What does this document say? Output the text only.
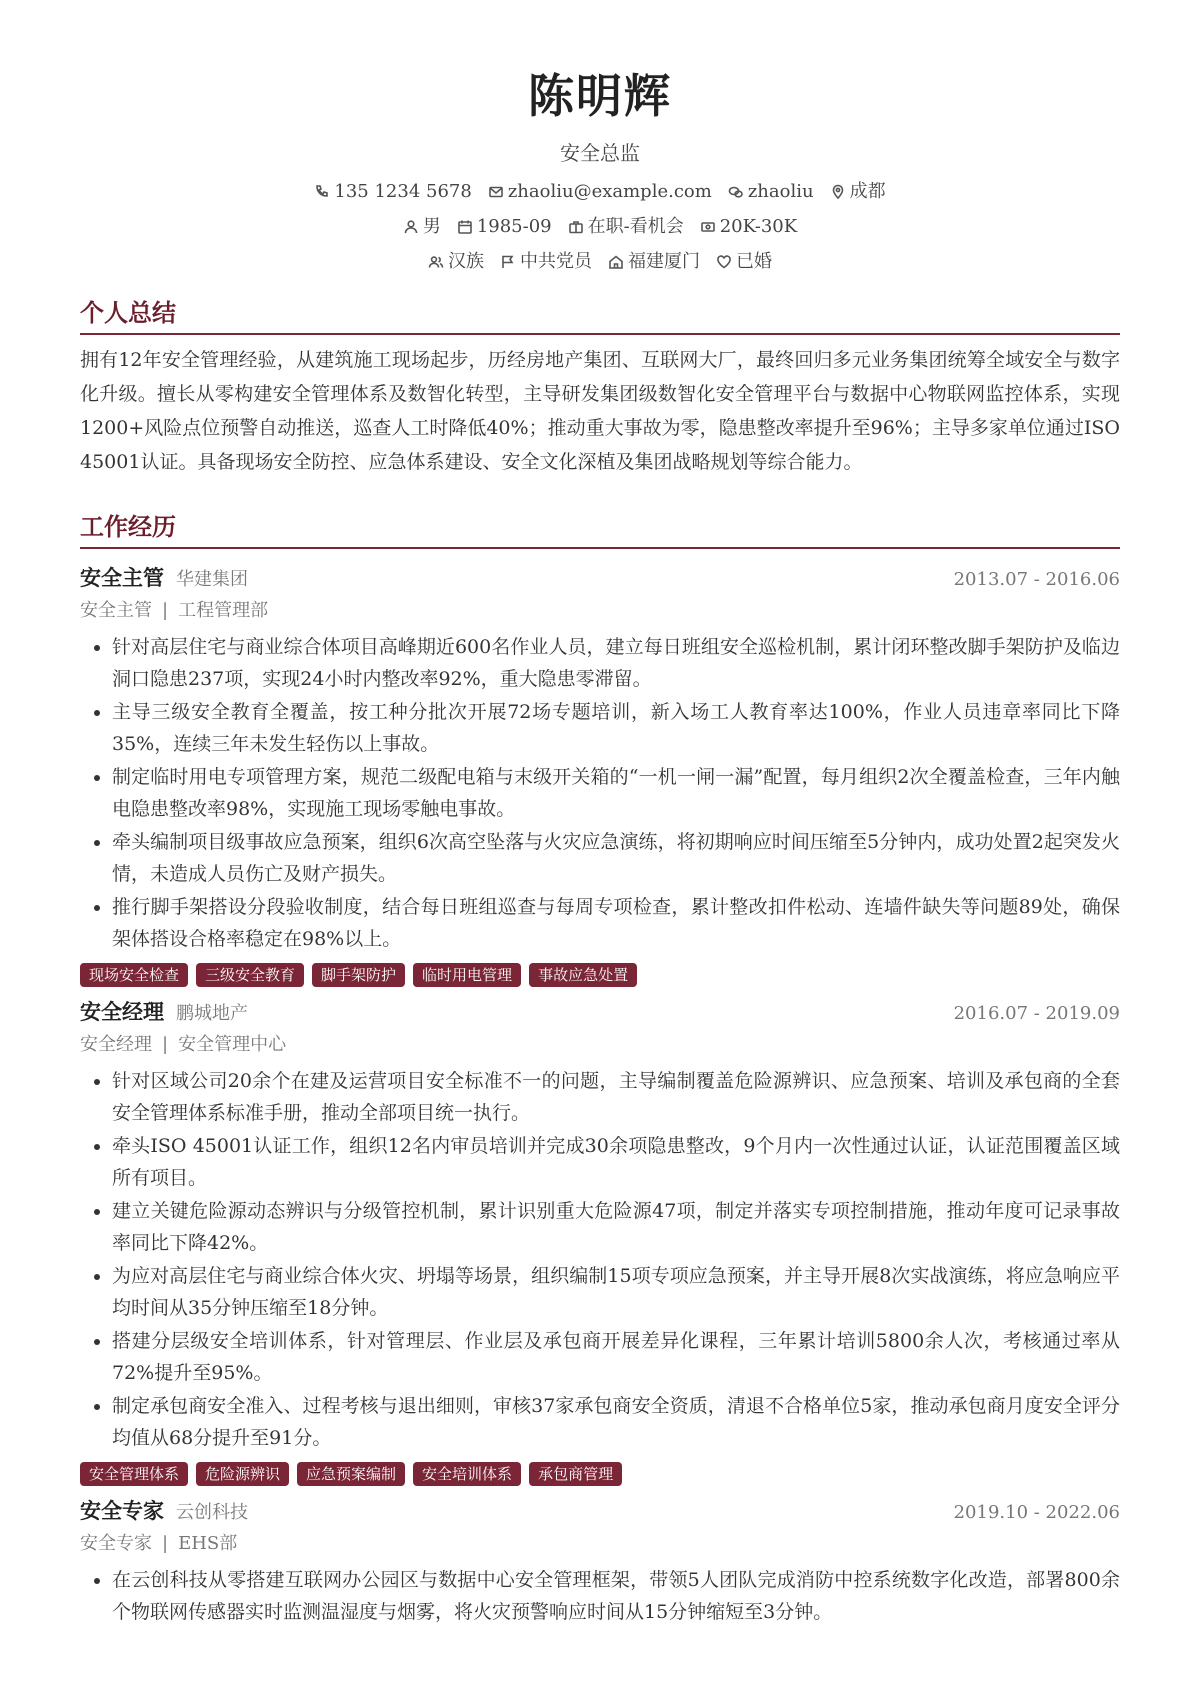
陈明辉
安全总监
135 1234 5678 zhaoliu@example.com zhaoliu 成都
男 1985-09 在职-看机会 20K-30K
汉族 中共党员 福建厦门 已婚
个人总结
拥有12年安全管理经验，从建筑施工现场起步，历经房地产集团、互联网大厂，最终回归多元业务集团统筹全域安全与数字化升级。擅长从零构建安全管理体系及数智化转型，主导研发集团级数智化安全管理平台与数据中心物联网监控体系，实现1200+风险点位预警自动推送，巡查人工时降低40%；推动重大事故为零，隐患整改率提升至96%；主导多家单位通过ISO 45001认证。具备现场安全防控、应急体系建设、安全文化深植及集团战略规划等综合能力。
工作经历
安全主管 华建集团	2013.07 - 2016.06
安全主管 | 工程管理部
• 针对高层住宅与商业综合体项目高峰期近600名作业人员，建立每日班组安全巡检机制，累计闭环整改脚手架防护及临边洞口隐患237项，实现24小时内整改率92%，重大隐患零滞留。
• 主导三级安全教育全覆盖，按工种分批次开展72场专题培训，新入场工人教育率达100%，作业人员违章率同比下降35%，连续三年未发生轻伤以上事故。
• 制定临时用电专项管理方案，规范二级配电箱与末级开关箱的“一机一闸一漏”配置，每月组织2次全覆盖检查，三年内触电隐患整改率98%，实现施工现场零触电事故。
• 牵头编制项目级事故应急预案，组织6次高空坠落与火灾应急演练，将初期响应时间压缩至5分钟内，成功处置2起突发火情，未造成人员伤亡及财产损失。
• 推行脚手架搭设分段验收制度，结合每日班组巡查与每周专项检查，累计整改扣件松动、连墙件缺失等问题89处，确保架体搭设合格率稳定在98%以上。
现场安全检查	三级安全教育	脚手架防护	临时用电管理	事故应急处置
安全经理 鹏城地产	2016.07 - 2019.09
安全经理 | 安全管理中心
• 针对区域公司20余个在建及运营项目安全标准不一的问题，主导编制覆盖危险源辨识、应急预案、培训及承包商的全套安全管理体系标准手册，推动全部项目统一执行。
• 牵头ISO 45001认证工作，组织12名内审员培训并完成30余项隐患整改，9个月内一次性通过认证，认证范围覆盖区域所有项目。
• 建立关键危险源动态辨识与分级管控机制，累计识别重大危险源47项，制定并落实专项控制措施，推动年度可记录事故率同比下降42%。
• 为应对高层住宅与商业综合体火灾、坍塌等场景，组织编制15项专项应急预案，并主导开展8次实战演练，将应急响应平均时间从35分钟压缩至18分钟。
• 搭建分层级安全培训体系，针对管理层、作业层及承包商开展差异化课程，三年累计培训5800余人次，考核通过率从72%提升至95%。
• 制定承包商安全准入、过程考核与退出细则，审核37家承包商安全资质，清退不合格单位5家，推动承包商月度安全评分均值从68分提升至91分。
安全管理体系	危险源辨识	应急预案编制	安全培训体系	承包商管理
安全专家 云创科技	2019.10 - 2022.06
安全专家 | EHS部
• 在云创科技从零搭建互联网办公园区与数据中心安全管理框架，带领5人团队完成消防中控系统数字化改造，部署800余个物联网传感器实时监测温湿度与烟雾，将火灾预警响应时间从15分钟缩短至3分钟。
